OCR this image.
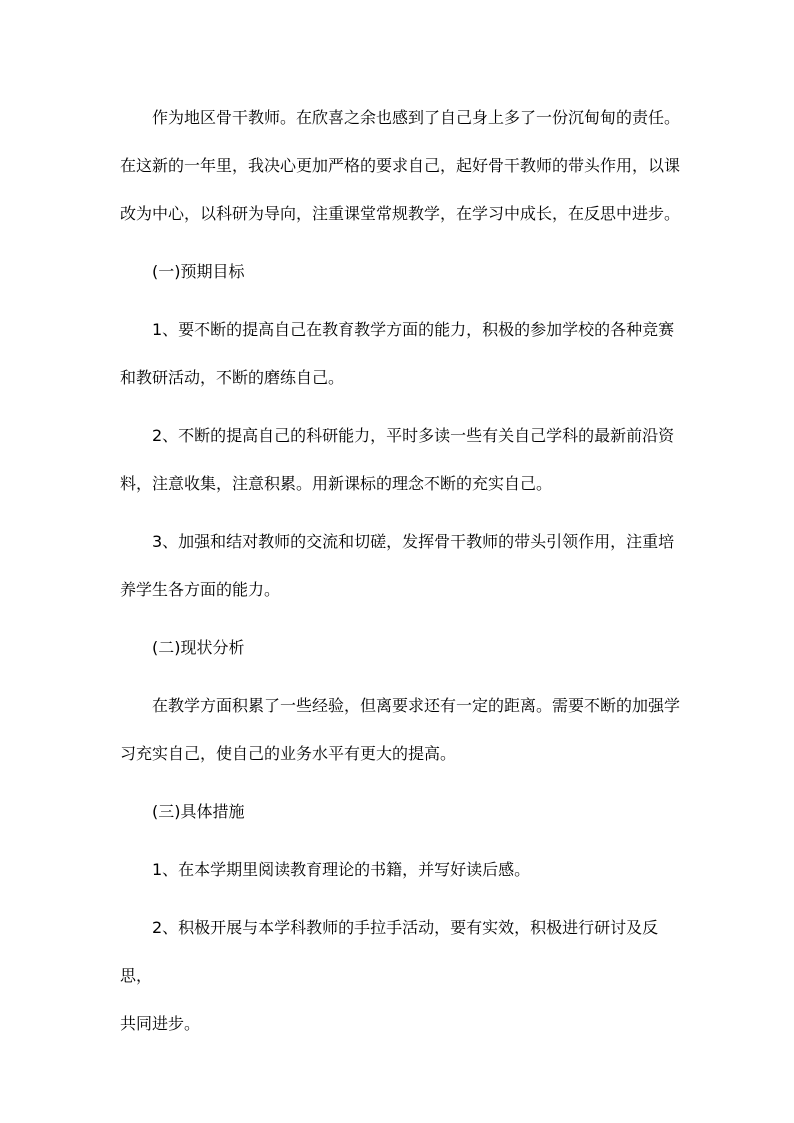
作为地区骨干教师。在欣喜之余也感到了自己身上多了一份沉甸甸的责任。
在这新的一年里，我决心更加严格的要求自己，起好骨干教师的带头作用，以课
改为中心，以科研为导向，注重课堂常规教学，在学习中成长，在反思中进步。

(一)预期目标

1、要不断的提高自己在教育教学方面的能力，积极的参加学校的各种竞赛
和教研活动，不断的磨练自己。

2、不断的提高自己的科研能力，平时多读一些有关自己学科的最新前沿资
料，注意收集，注意积累。用新课标的理念不断的充实自己。

3、加强和结对教师的交流和切磋，发挥骨干教师的带头引领作用，注重培
养学生各方面的能力。

(二)现状分析

在教学方面积累了一些经验，但离要求还有一定的距离。需要不断的加强学
习充实自己，使自己的业务水平有更大的提高。

(三)具体措施

1、在本学期里阅读教育理论的书籍，并写好读后感。

2、积极开展与本学科教师的手拉手活动，要有实效，积极进行研讨及反思，
共同进步。
